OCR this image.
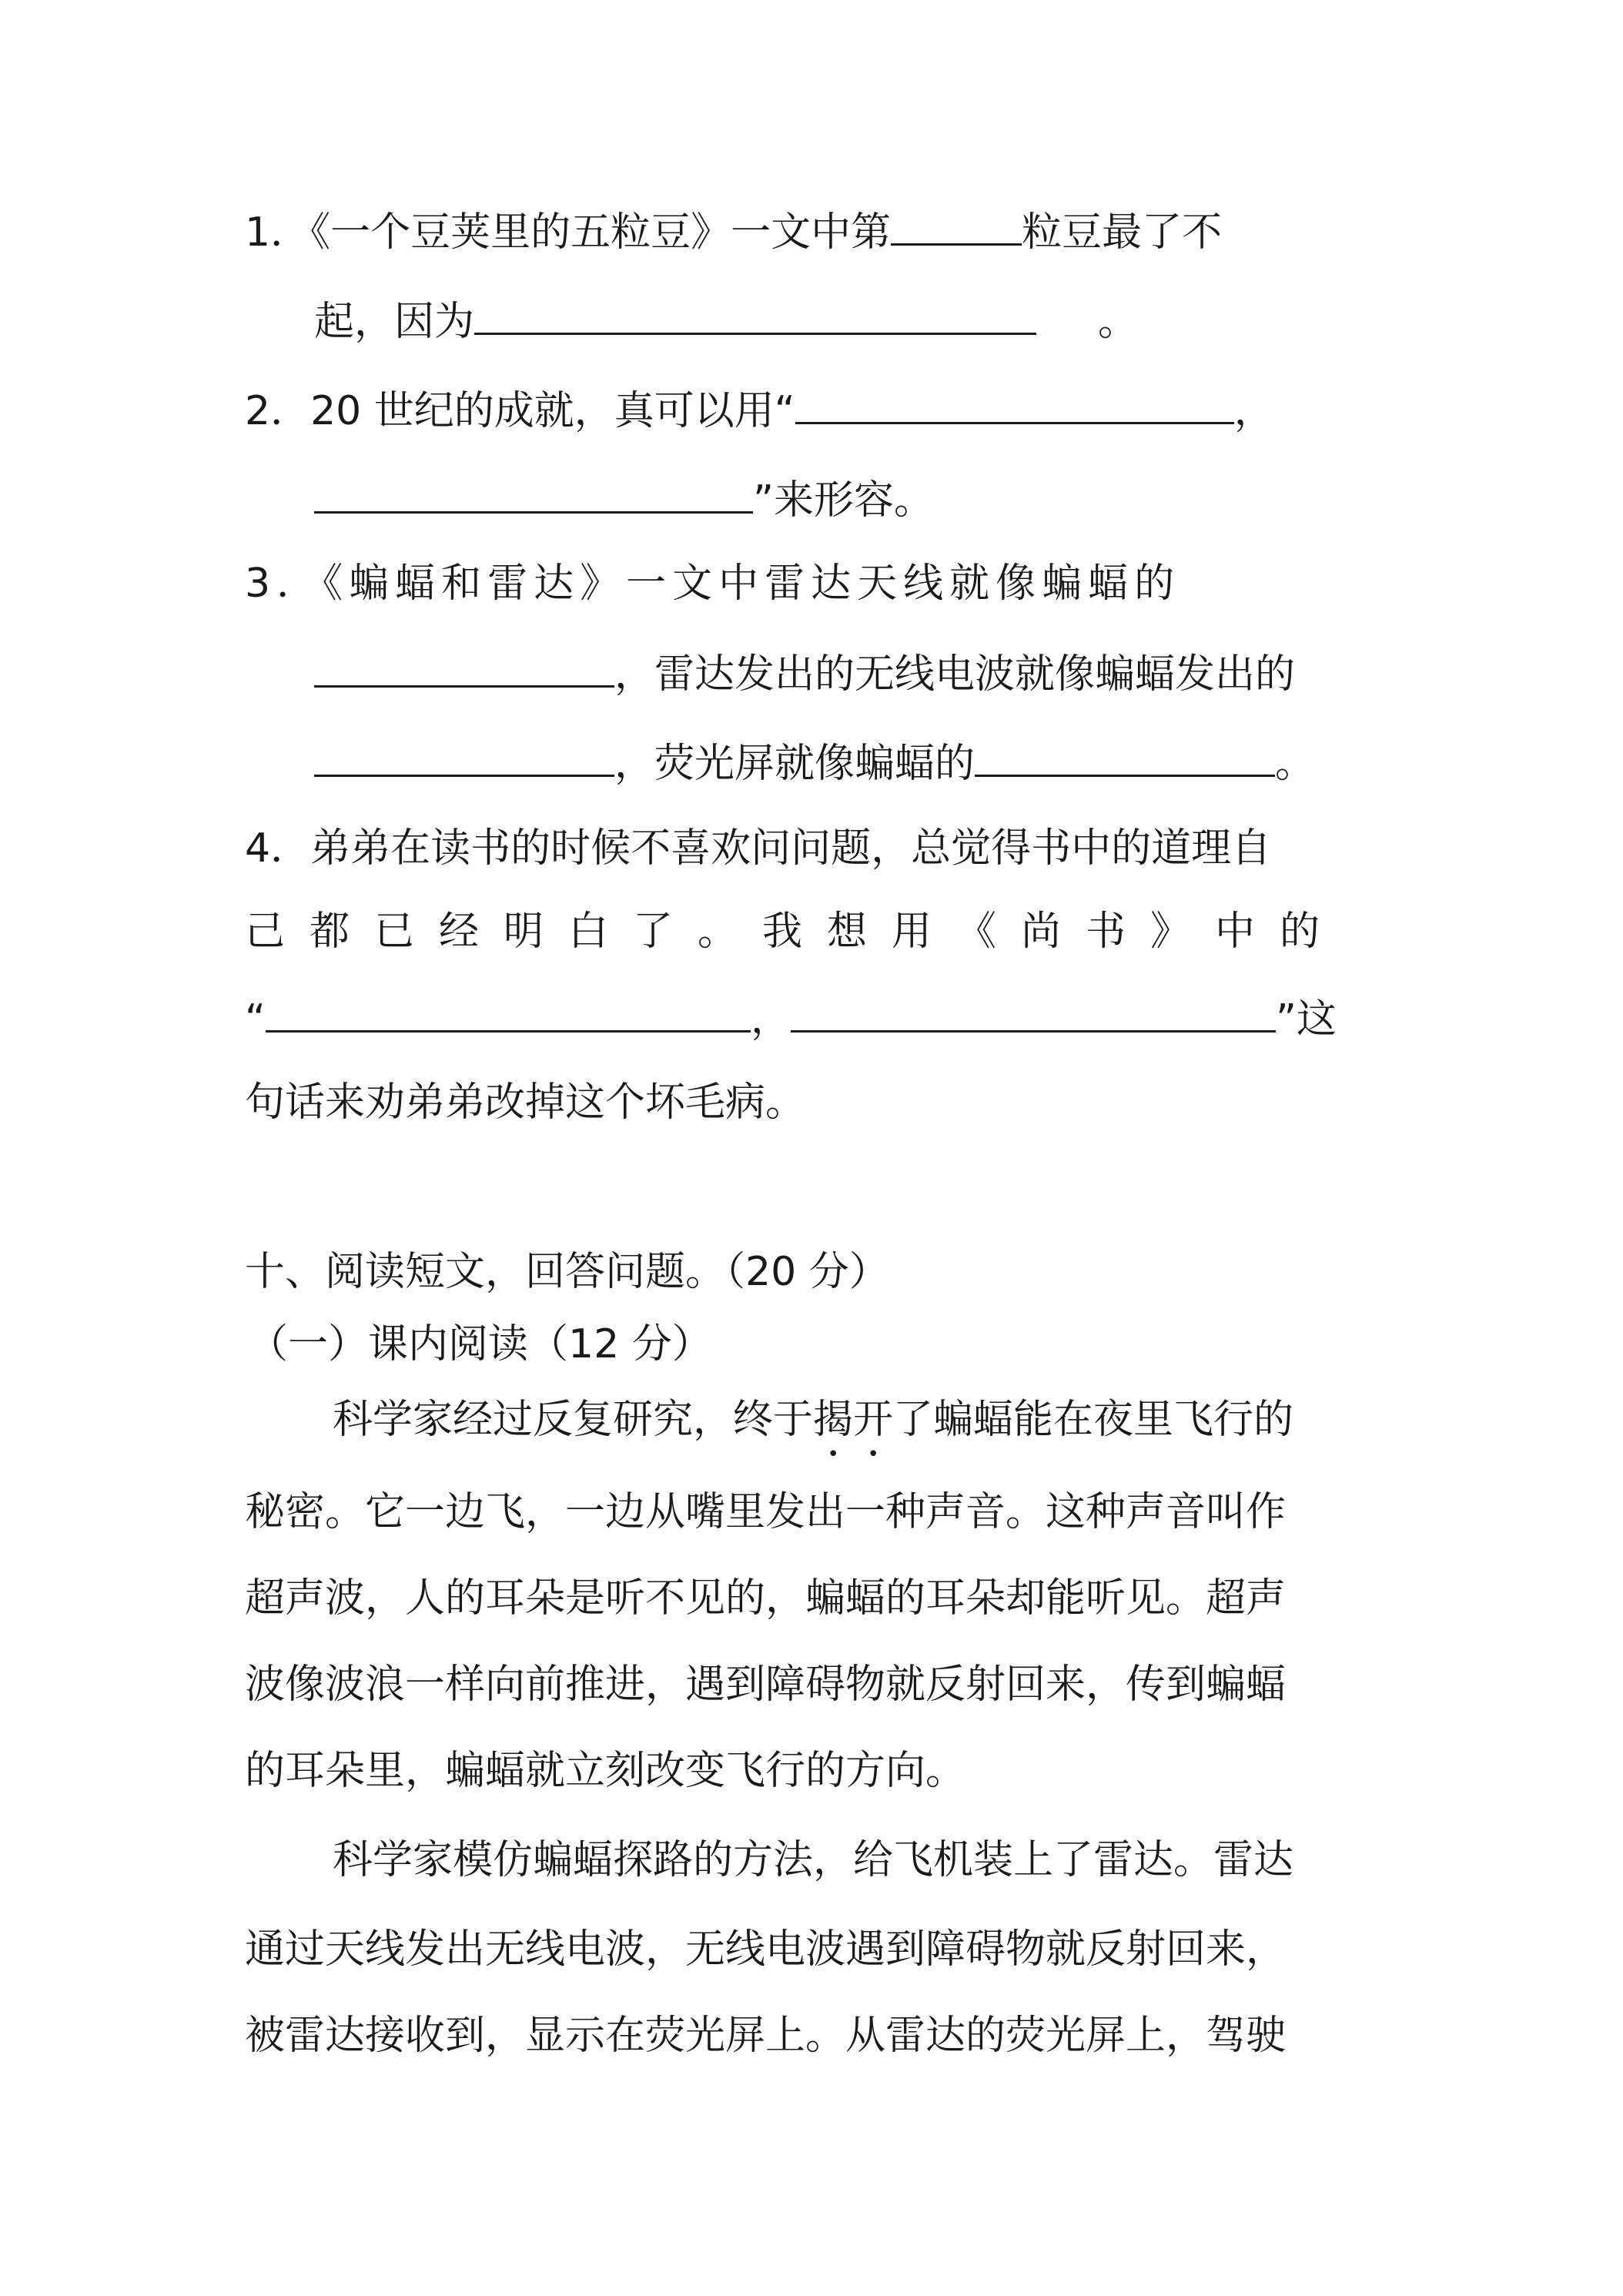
1．《一个豆荚里的五粒豆》一文中第	粒豆最了不
起，因为	。
2．20 世纪的成就，真可以用“	，
”来形容。
3．《蝙蝠和雷达》一文中雷达天线就像蝙蝠的
，雷达发出的无线电波就像蝙蝠发出的
，荧光屏就像蝙蝠的	。
4．弟弟在读书的时候不喜欢问问题，总觉得书中的道理自
己都已经明白了。我想用《尚书》中的
“	，	”这
句话来劝弟弟改掉这个坏毛病。
十、阅读短文，回答问题。（20 分）
（一）课内阅读（12 分）
科学家经过反复研究，终于揭开了蝙蝠能在夜里飞行的
秘密。它一边飞，一边从嘴里发出一种声音。这种声音叫作
超声波，人的耳朵是听不见的，蝙蝠的耳朵却能听见。超声
波像波浪一样向前推进，遇到障碍物就反射回来，传到蝙蝠
的耳朵里，蝙蝠就立刻改变飞行的方向。
科学家模仿蝙蝠探路的方法，给飞机装上了雷达。雷达
通过天线发出无线电波，无线电波遇到障碍物就反射回来，
被雷达接收到，显示在荧光屏上。从雷达的荧光屏上，驾驶
